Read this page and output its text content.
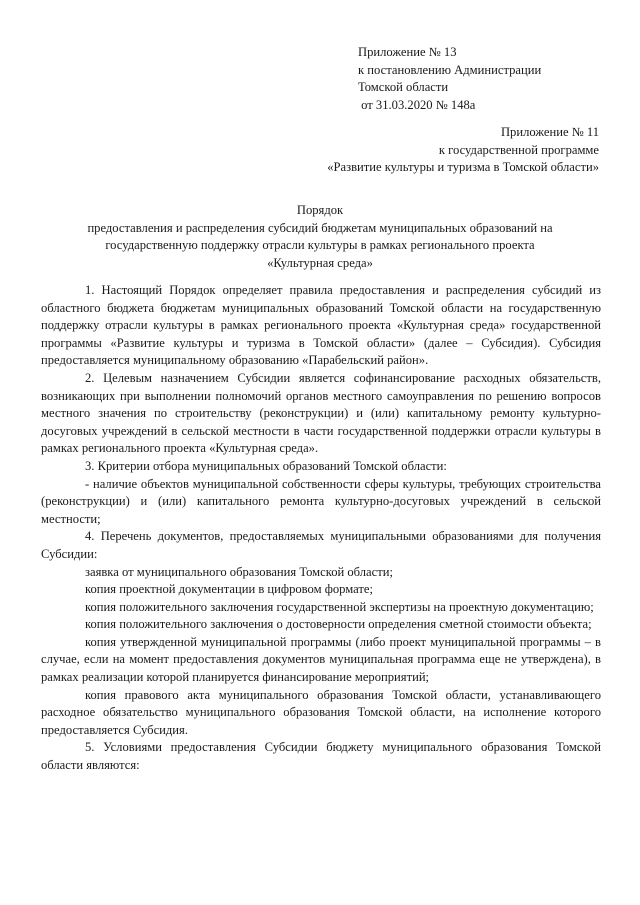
Приложение № 13
к постановлению Администрации
Томской области
от 31.03.2020 № 148а
Приложение № 11
к государственной программе
«Развитие культуры и туризма в Томской области»
Порядок
предоставления и распределения субсидий бюджетам муниципальных образований на
государственную поддержку отрасли культуры в рамках регионального проекта
«Культурная среда»

1. Настоящий Порядок определяет правила предоставления и распределения субсидий из областного бюджета бюджетам муниципальных образований Томской области на государственную поддержку отрасли культуры в рамках регионального проекта «Культурная среда» государственной программы «Развитие культуры и туризма в Томской области» (далее – Субсидия). Субсидия предоставляется муниципальному образованию «Парабельский район».

2. Целевым назначением Субсидии является софинансирование расходных обязательств, возникающих при выполнении полномочий органов местного самоуправления по решению вопросов местного значения по строительству (реконструкции) и (или) капитальному ремонту культурно-досуговых учреждений в сельской местности в части государственной поддержки отрасли культуры в рамках регионального проекта «Культурная среда».

3. Критерии отбора муниципальных образований Томской области:

- наличие объектов муниципальной собственности сферы культуры, требующих строительства (реконструкции) и (или) капитального ремонта культурно-досуговых учреждений в сельской местности;

4. Перечень документов, предоставляемых муниципальными образованиями для получения Субсидии:

заявка от муниципального образования Томской области;

копия проектной документации в цифровом формате;

копия положительного заключения государственной экспертизы на проектную документацию;

копия положительного заключения о достоверности определения сметной стоимости объекта;

копия утвержденной муниципальной программы (либо проект муниципальной программы – в случае, если на момент предоставления документов муниципальная программа еще не утверждена), в рамках реализации которой планируется финансирование мероприятий;

копия правового акта муниципального образования Томской области, устанавливающего расходное обязательство муниципального образования Томской области, на исполнение которого предоставляется Субсидия.

5. Условиями предоставления Субсидии бюджету муниципального образования Томской области являются:
